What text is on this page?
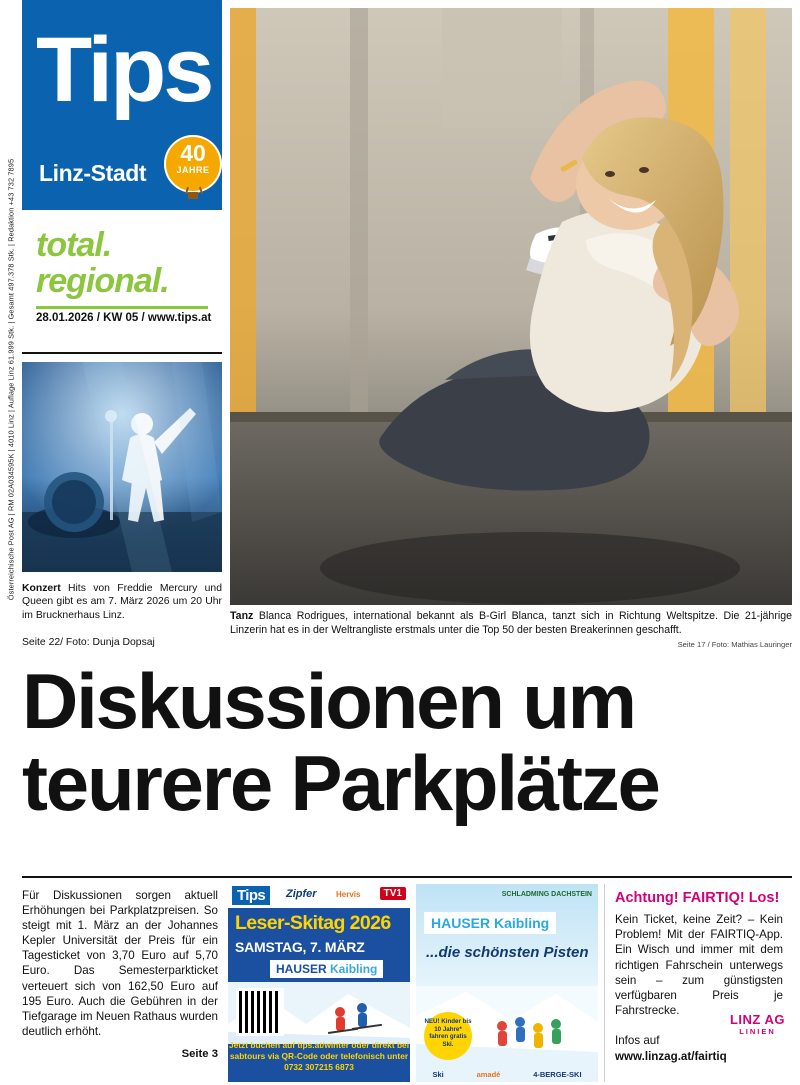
Österreichische Post AG | RM 02A034595K | 4010 Linz | Auflage Linz 61.999 Stk. | Gesamt 497.378 Stk. | Redaktion +43 732 7895
Tips
Linz-Stadt
40
JAHRE
total.
regional.
28.01.2026 / KW 05 / www.tips.at
Konzert Hits von Freddie Mercury und Queen gibt es am 7. März 2026 um 20 Uhr im Brucknerhaus Linz.
Seite 22/ Foto: Dunja Dopsaj
Tanz Blanca Rodrigues, international bekannt als B-Girl Blanca, tanzt sich in Richtung Weltspitze. Die 21-jährige Linzerin hat es in der Weltrangliste erstmals unter die Top 50 der besten Breakerinnen geschafft.
Seite 17 / Foto: Mathias Lauringer
Diskussionen um
teurere Parkplätze
Für Diskussionen sorgen aktuell Erhöhungen bei Parkplatzpreisen. So steigt mit 1. März an der Johannes Kepler Universität der Preis für ein Tagesticket von 3,70 Euro auf 5,70 Euro. Das Semesterparkticket verteuert sich von 162,50 Euro auf 195 Euro. Auch die Gebühren in der Tiefgarage im Neuen Rathaus wurden deutlich erhöht.
Seite 3
Tips	Zipfer Hervis	TV1
Leser-Skitag 2026
SAMSTAG, 7. MÄRZ
HAUSER Kaibling
Jetzt buchen auf tips.at/winter oder direkt bei sabtours via QR-Code oder telefonisch unter 0732 307215 6873
SCHLADMING DACHSTEIN
HAUSER Kaibling
...die schönsten Pisten
NEU! Kinder bis 10 Jahre* fahren gratis Ski.
Ski	amadé	4-BERGE-SKI
Achtung! FAIRTIQ! Los!
Kein Ticket, keine Zeit? – Kein Problem! Mit der FAIRTIQ-App. Ein Wisch und immer mit dem richtigen Fahrschein unterwegs sein – zum günstigsten verfügbaren Preis je Fahrstrecke.
LINZ AG
LINIEN
Infos auf
www.linzag.at/fairtiq
